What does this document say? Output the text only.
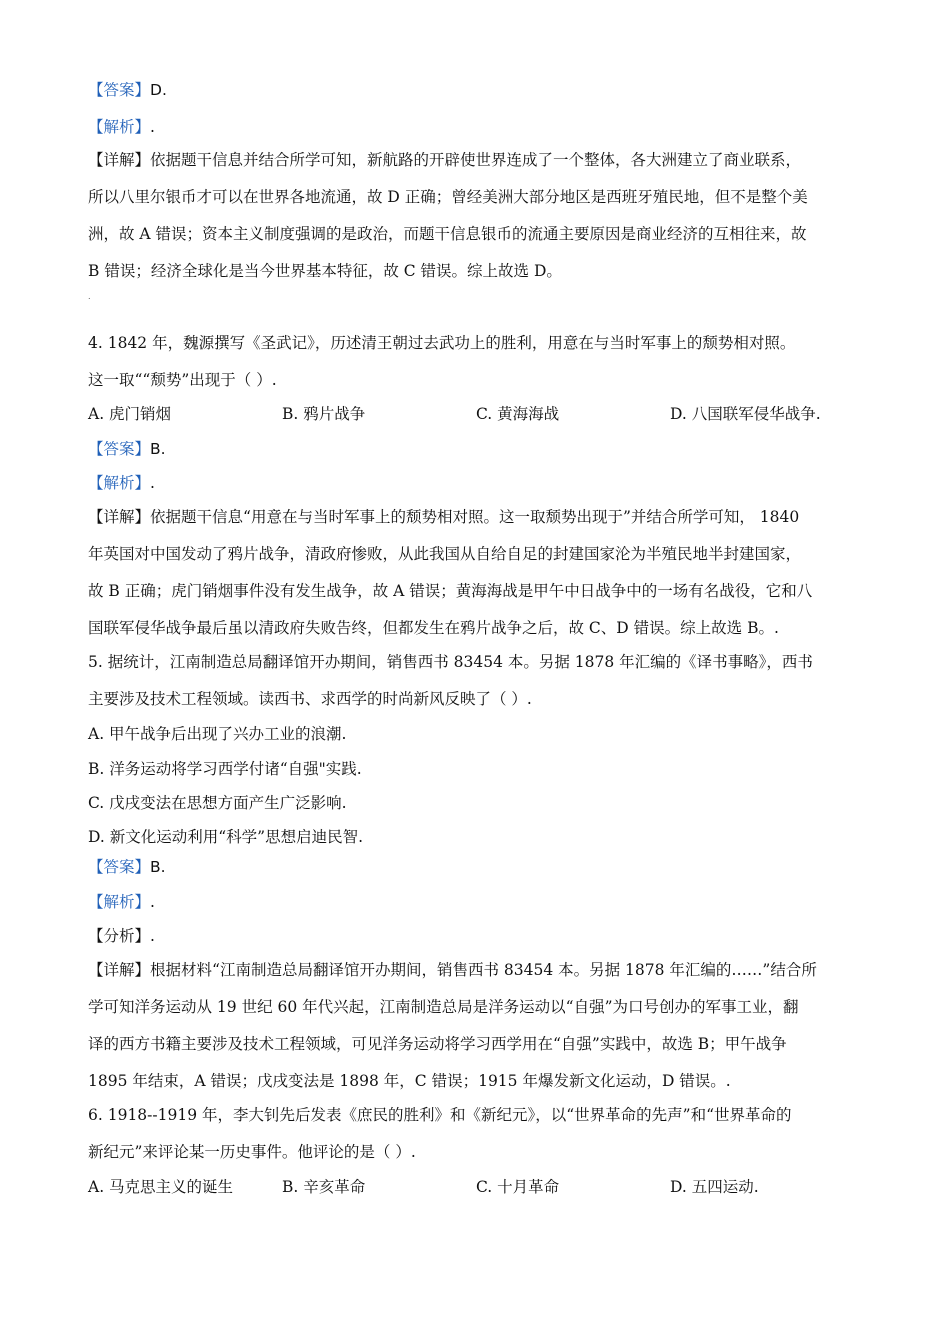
【答案】D.
【解析】.
【详解】依据题干信息并结合所学可知，新航路的开辟使世界连成了一个整体，各大洲建立了商业联系，
所以八里尔银币才可以在世界各地流通，故 D 正确；曾经美洲大部分地区是西班牙殖民地，但不是整个美
洲，故 A 错误；资本主义制度强调的是政治，而题干信息银币的流通主要原因是商业经济的互相往来，故
B 错误；经济全球化是当今世界基本特征，故 C 错误。综上故选 D。
.
4. 1842 年，魏源撰写《圣武记》，历述清王朝过去武功上的胜利，用意在与当时军事上的颓势相对照。
这一取““颓势”出现于（ ）.
A. 虎门销烟	B. 鸦片战争	C. 黄海海战	D. 八国联军侵华战争.
【答案】B.
【解析】.
【详解】依据题干信息“用意在与当时军事上的颓势相对照。这一取颓势出现于”并结合所学可知， 1840
年英国对中国发动了鸦片战争，清政府惨败，从此我国从自给自足的封建国家沦为半殖民地半封建国家，
故 B 正确；虎门销烟事件没有发生战争，故 A 错误；黄海海战是甲午中日战争中的一场有名战役，它和八
国联军侵华战争最后虽以清政府失败告终，但都发生在鸦片战争之后，故 C、D 错误。综上故选 B。.
5. 据统计，江南制造总局翻译馆开办期间，销售西书 83454 本。另据 1878 年汇编的《译书事略》，西书
主要涉及技术工程领域。读西书、求西学的时尚新风反映了（ ）.
A. 甲午战争后出现了兴办工业的浪潮.
B. 洋务运动将学习西学付诸“自强"实践.
C. 戊戌变法在思想方面产生广泛影响.
D. 新文化运动利用“科学”思想启迪民智.
【答案】B.
【解析】.
【分析】.
【详解】根据材料“江南制造总局翻译馆开办期间，销售西书 83454 本。另据 1878 年汇编的……”结合所
学可知洋务运动从 19 世纪 60 年代兴起，江南制造总局是洋务运动以“自强”为口号创办的军事工业，翻
译的西方书籍主要涉及技术工程领域，可见洋务运动将学习西学用在“自强”实践中，故选 B；甲午战争
1895 年结束，A 错误；戊戌变法是 1898 年，C 错误；1915 年爆发新文化运动，D 错误。.
6. 1918--1919 年，李大钊先后发表《庶民的胜利》和《新纪元》，以“世界革命的先声”和“世界革命的
新纪元”来评论某一历史事件。他评论的是（ ）.
A. 马克思主义的诞生	B. 辛亥革命	C. 十月革命	D. 五四运动.
